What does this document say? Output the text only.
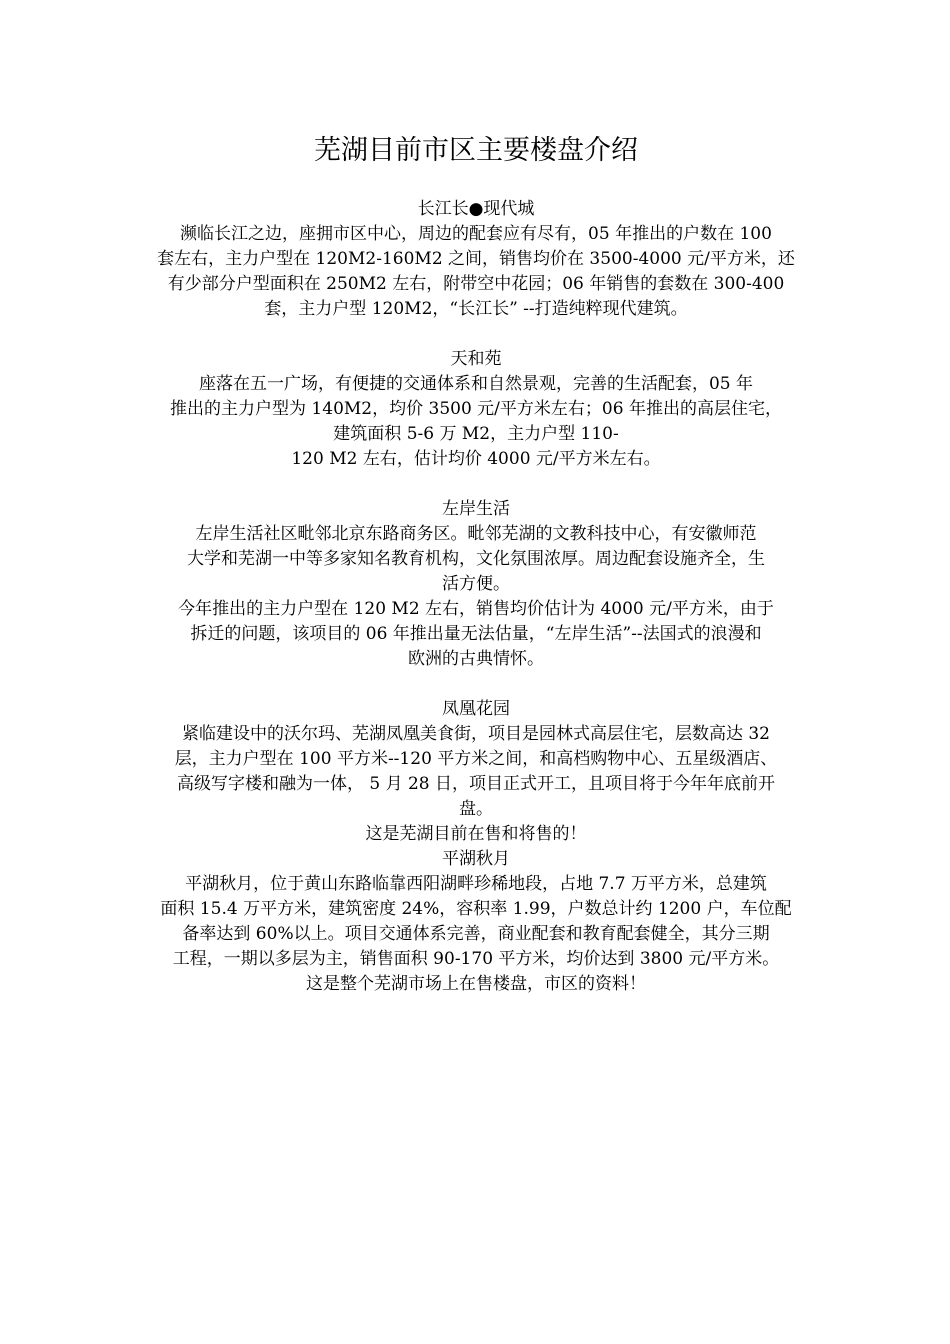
芜湖目前市区主要楼盘介绍

长江长●现代城

濒临长江之边，座拥市区中心，周边的配套应有尽有，05 年推出的户数在 100
套左右，主力户型在 120M2-160M2 之间，销售均价在 3500-4000 元/平方米，还
有少部分户型面积在 250M2 左右，附带空中花园；06 年销售的套数在 300-400
套，主力户型 120M2，“长江长” --打造纯粹现代建筑。

天和苑

座落在五一广场，有便捷的交通体系和自然景观，完善的生活配套，05 年
推出的主力户型为 140M2，均价 3500 元/平方米左右；06 年推出的高层住宅，
建筑面积 5-6 万 M2，主力户型 110-
120 M2 左右，估计均价 4000 元/平方米左右。

左岸生活

左岸生活社区毗邻北京东路商务区。毗邻芜湖的文教科技中心，有安徽师范
大学和芜湖一中等多家知名教育机构，文化氛围浓厚。周边配套设施齐全，生
活方便。
今年推出的主力户型在 120 M2 左右，销售均价估计为 4000 元/平方米，由于
拆迁的问题，该项目的 06 年推出量无法估量，“左岸生活”--法国式的浪漫和
欧洲的古典情怀。

凤凰花园

紧临建设中的沃尔玛、芜湖凤凰美食街，项目是园林式高层住宅，层数高达 32
层，主力户型在 100 平方米--120 平方米之间，和高档购物中心、五星级酒店、
高级写字楼和融为一体， 5 月 28 日，项目正式开工，且项目将于今年年底前开
盘。

这是芜湖目前在售和将售的！

平湖秋月

平湖秋月，位于黄山东路临靠西阳湖畔珍稀地段，占地 7.7 万平方米，总建筑
面积 15.4 万平方米，建筑密度 24%，容积率 1.99，户数总计约 1200 户，车位配
备率达到 60%以上。项目交通体系完善，商业配套和教育配套健全，其分三期
工程，一期以多层为主，销售面积 90-170 平方米，均价达到 3800 元/平方米。

这是整个芜湖市场上在售楼盘，市区的资料！
